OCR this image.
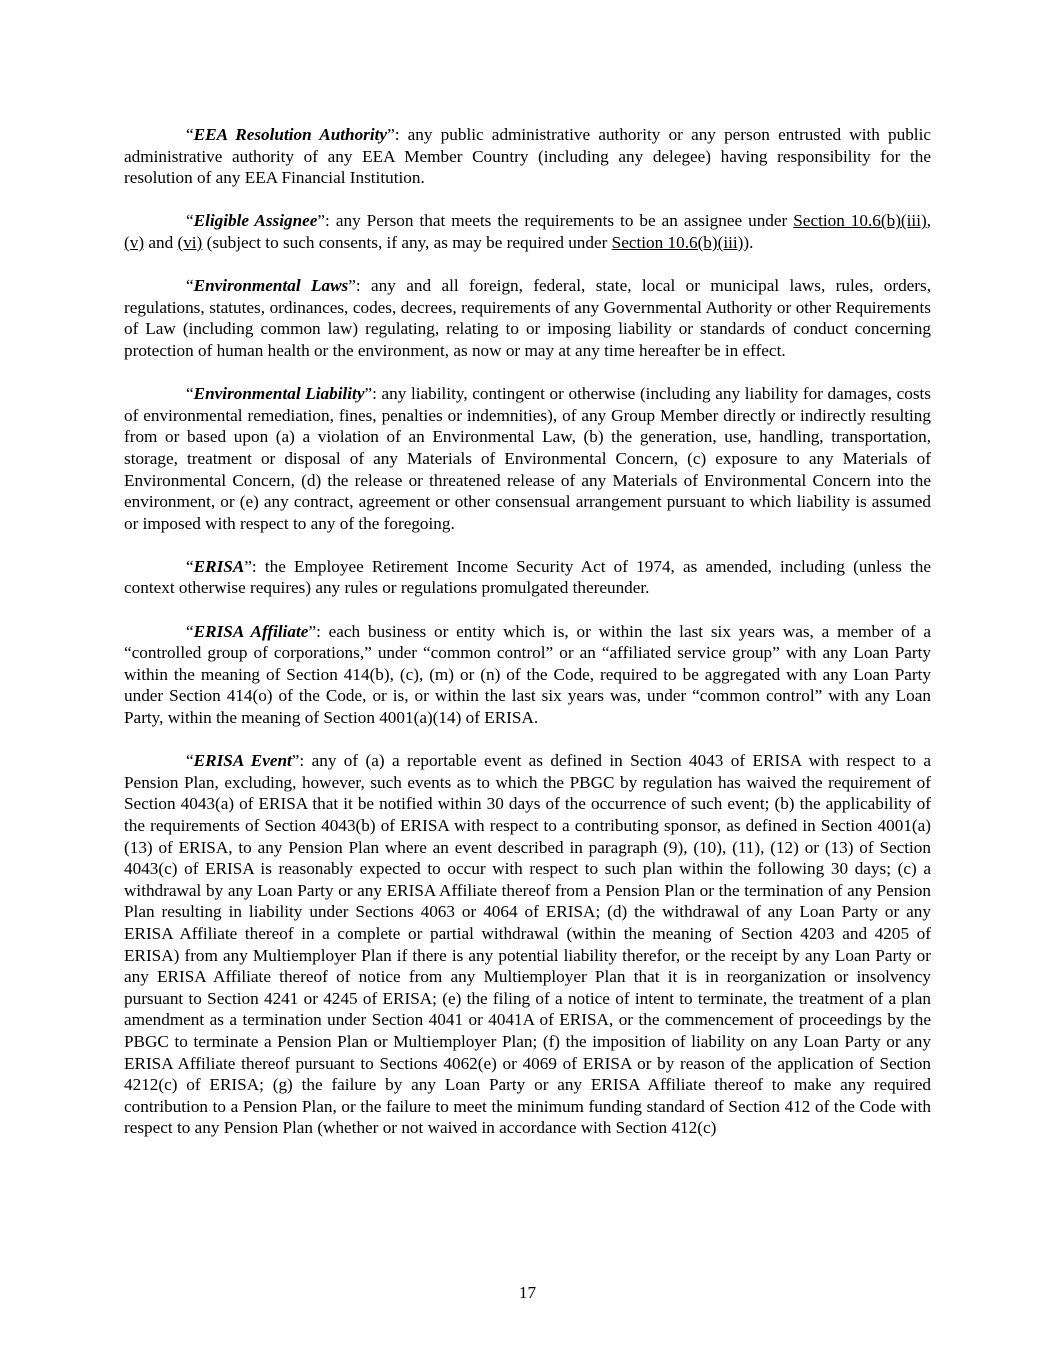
“EEA Resolution Authority”: any public administrative authority or any person entrusted with public administrative authority of any EEA Member Country (including any delegee) having responsibility for the resolution of any EEA Financial Institution.

“Eligible Assignee”: any Person that meets the requirements to be an assignee under Section 10.6(b)(iii), (v) and (vi) (subject to such consents, if any, as may be required under Section 10.6(b)(iii)).

“Environmental Laws”: any and all foreign, federal, state, local or municipal laws, rules, orders, regulations, statutes, ordinances, codes, decrees, requirements of any Governmental Authority or other Requirements of Law (including common law) regulating, relating to or imposing liability or standards of conduct concerning protection of human health or the environment, as now or may at any time hereafter be in effect.

“Environmental Liability”: any liability, contingent or otherwise (including any liability for damages, costs of environmental remediation, fines, penalties or indemnities), of any Group Member directly or indirectly resulting from or based upon (a) a violation of an Environmental Law, (b) the generation, use, handling, transportation, storage, treatment or disposal of any Materials of Environmental Concern, (c) exposure to any Materials of Environmental Concern, (d) the release or threatened release of any Materials of Environmental Concern into the environment, or (e) any contract, agreement or other consensual arrangement pursuant to which liability is assumed or imposed with respect to any of the foregoing.

“ERISA”: the Employee Retirement Income Security Act of 1974, as amended, including (unless the context otherwise requires) any rules or regulations promulgated thereunder.

“ERISA Affiliate”: each business or entity which is, or within the last six years was, a member of a “controlled group of corporations,” under “common control” or an “affiliated service group” with any Loan Party within the meaning of Section 414(b), (c), (m) or (n) of the Code, required to be aggregated with any Loan Party under Section 414(o) of the Code, or is, or within the last six years was, under “common control” with any Loan Party, within the meaning of Section 4001(a)(14) of ERISA.

“ERISA Event”: any of (a) a reportable event as defined in Section 4043 of ERISA with respect to a Pension Plan, excluding, however, such events as to which the PBGC by regulation has waived the requirement of Section 4043(a) of ERISA that it be notified within 30 days of the occurrence of such event; (b) the applicability of the requirements of Section 4043(b) of ERISA with respect to a contributing sponsor, as defined in Section 4001(a)(13) of ERISA, to any Pension Plan where an event described in paragraph (9), (10), (11), (12) or (13) of Section 4043(c) of ERISA is reasonably expected to occur with respect to such plan within the following 30 days; (c) a withdrawal by any Loan Party or any ERISA Affiliate thereof from a Pension Plan or the termination of any Pension Plan resulting in liability under Sections 4063 or 4064 of ERISA; (d) the withdrawal of any Loan Party or any ERISA Affiliate thereof in a complete or partial withdrawal (within the meaning of Section 4203 and 4205 of ERISA) from any Multiemployer Plan if there is any potential liability therefor, or the receipt by any Loan Party or any ERISA Affiliate thereof of notice from any Multiemployer Plan that it is in reorganization or insolvency pursuant to Section 4241 or 4245 of ERISA; (e) the filing of a notice of intent to terminate, the treatment of a plan amendment as a termination under Section 4041 or 4041A of ERISA, or the commencement of proceedings by the PBGC to terminate a Pension Plan or Multiemployer Plan; (f) the imposition of liability on any Loan Party or any ERISA Affiliate thereof pursuant to Sections 4062(e) or 4069 of ERISA or by reason of the application of Section 4212(c) of ERISA; (g) the failure by any Loan Party or any ERISA Affiliate thereof to make any required contribution to a Pension Plan, or the failure to meet the minimum funding standard of Section 412 of the Code with respect to any Pension Plan (whether or not waived in accordance with Section 412(c)

17
